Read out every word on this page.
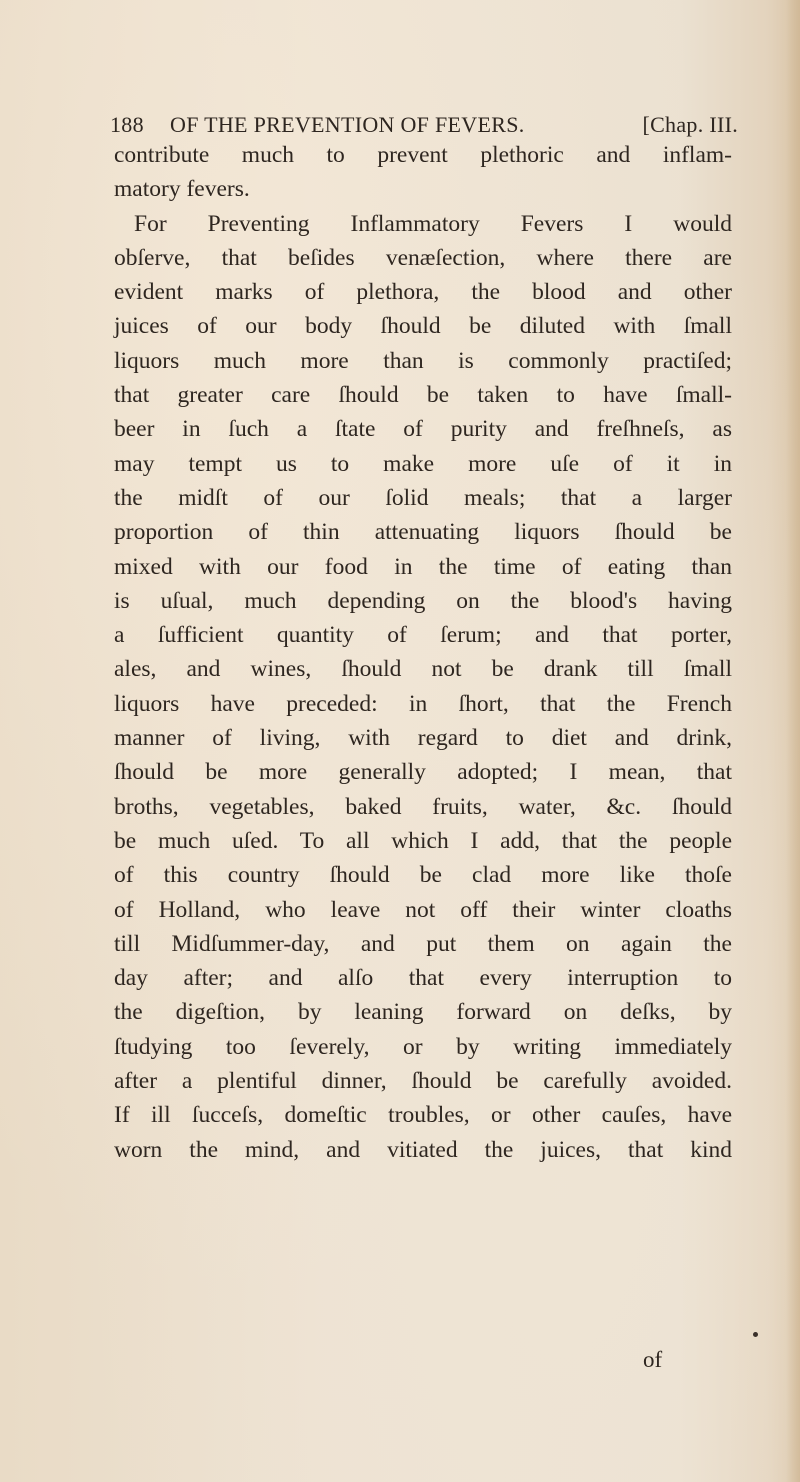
188 OF THE PREVENTION OF FEVERS.	[Chap. III.
contribute much to prevent plethoric and inflam-
matory fevers.
For Preventing Inflammatory Fevers I would
obſerve, that beſides venæſection, where there are
evident marks of plethora, the blood and other
juices of our body ſhould be diluted with ſmall
liquors much more than is commonly practiſed;
that greater care ſhould be taken to have ſmall-
beer in ſuch a ſtate of purity and freſhneſs, as
may tempt us to make more uſe of it in
the midſt of our ſolid meals; that a larger
proportion of thin attenuating liquors ſhould be
mixed with our food in the time of eating than
is uſual, much depending on the blood's having
a ſufficient quantity of ſerum; and that porter,
ales, and wines, ſhould not be drank till ſmall
liquors have preceded: in ſhort, that the French
manner of living, with regard to diet and drink,
ſhould be more generally adopted; I mean, that
broths, vegetables, baked fruits, water, &c. ſhould
be much uſed. To all which I add, that the people
of this country ſhould be clad more like thoſe
of Holland, who leave not off their winter cloaths
till Midſummer-day, and put them on again the
day after; and alſo that every interruption to
the digeſtion, by leaning forward on deſks, by
ſtudying too ſeverely, or by writing immediately
after a plentiful dinner, ſhould be carefully avoided.
If ill ſucceſs, domeſtic troubles, or other cauſes, have
worn the mind, and vitiated the juices, that kind
of
